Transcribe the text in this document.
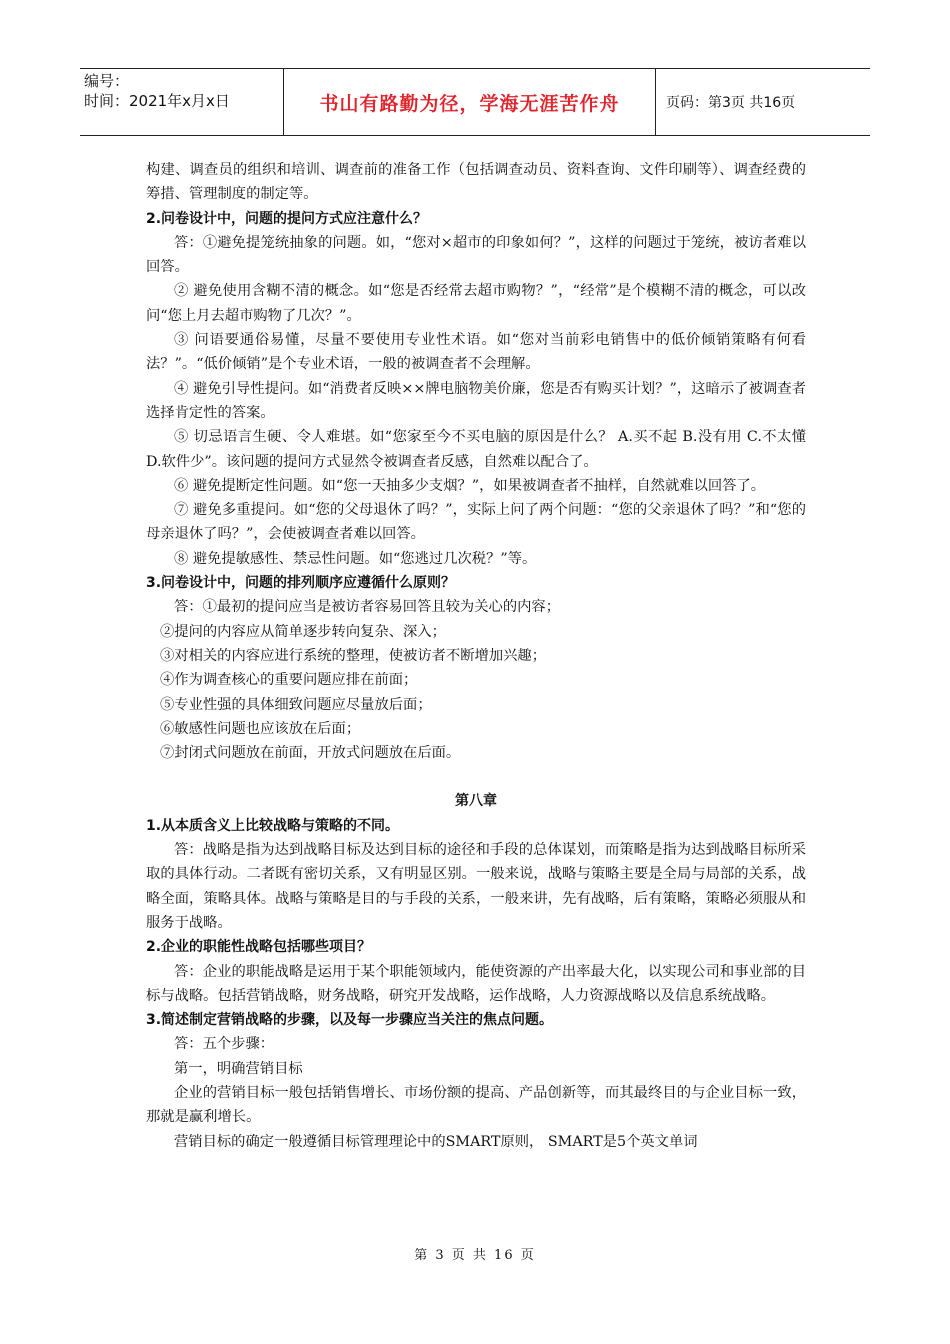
编号：
时间：2021年x月x日	书山有路勤为径，学海无涯苦作舟	页码：第3页 共16页

构建、调查员的组织和培训、调查前的准备工作（包括调查动员、资料查询、文件印刷等）、调查经费的筹措、管理制度的制定等。

2.问卷设计中，问题的提问方式应注意什么？

答：①避免提笼统抽象的问题。如，“您对×超市的印象如何？”，这样的问题过于笼统，被访者难以回答。

② 避免使用含糊不清的概念。如“您是否经常去超市购物？”，“经常”是个模糊不清的概念，可以改问“您上月去超市购物了几次？”。

③ 问语要通俗易懂，尽量不要使用专业性术语。如“您对当前彩电销售中的低价倾销策略有何看法？”。“低价倾销”是个专业术语，一般的被调查者不会理解。

④ 避免引导性提问。如“消费者反映××牌电脑物美价廉，您是否有购买计划？”，这暗示了被调查者选择肯定性的答案。

⑤ 切忌语言生硬、令人难堪。如“您家至今不买电脑的原因是什么？ A.买不起 B.没有用 C.不太懂 D.软件少”。该问题的提问方式显然令被调查者反感，自然难以配合了。

⑥ 避免提断定性问题。如“您一天抽多少支烟？”，如果被调查者不抽样，自然就难以回答了。

⑦ 避免多重提问。如“您的父母退休了吗？”，实际上问了两个问题：“您的父亲退休了吗？”和“您的母亲退休了吗？”，会使被调查者难以回答。

⑧ 避免提敏感性、禁忌性问题。如“您逃过几次税？”等。

3.问卷设计中，问题的排列顺序应遵循什么原则？

答：①最初的提问应当是被访者容易回答且较为关心的内容；

②提问的内容应从简单逐步转向复杂、深入；

③对相关的内容应进行系统的整理，使被访者不断增加兴趣；

④作为调查核心的重要问题应排在前面；

⑤专业性强的具体细致问题应尽量放后面；

⑥敏感性问题也应该放在后面；

⑦封闭式问题放在前面，开放式问题放在后面。

第八章

1.从本质含义上比较战略与策略的不同。

答：战略是指为达到战略目标及达到目标的途径和手段的总体谋划，而策略是指为达到战略目标所采取的具体行动。二者既有密切关系，又有明显区别。一般来说，战略与策略主要是全局与局部的关系，战略全面，策略具体。战略与策略是目的与手段的关系，一般来讲，先有战略，后有策略，策略必须服从和服务于战略。

2.企业的职能性战略包括哪些项目？

答：企业的职能战略是运用于某个职能领域内，能使资源的产出率最大化，以实现公司和事业部的目标与战略。包括营销战略，财务战略，研究开发战略，运作战略，人力资源战略以及信息系统战略。

3.简述制定营销战略的步骤，以及每一步骤应当关注的焦点问题。

答：五个步骤：

第一，明确营销目标

企业的营销目标一般包括销售增长、市场份额的提高、产品创新等，而其最终目的与企业目标一致，那就是赢利增长。

营销目标的确定一般遵循目标管理理论中的SMART原则， SMART是5个英文单词

第 3 页 共 16 页
